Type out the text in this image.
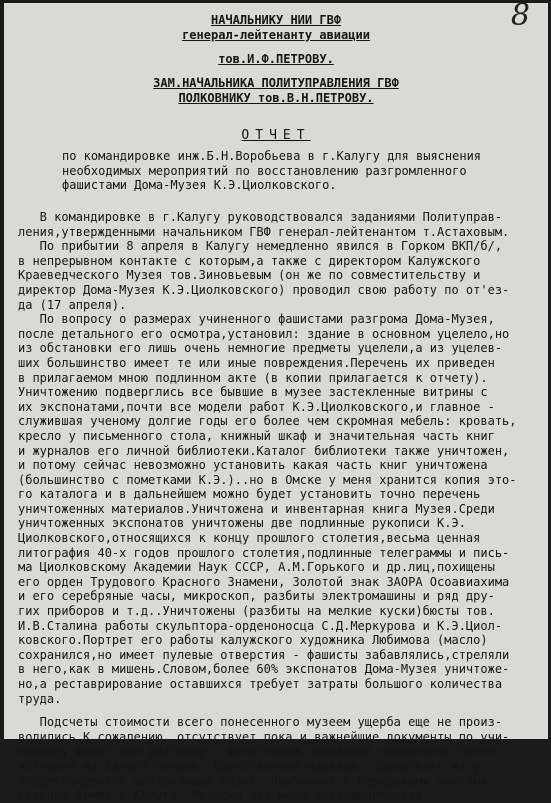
8
НАЧАЛЬНИКУ НИИ ГВФ
генерал-лейтенанту авиации
тов.И.Ф.ПЕТРОВУ.
ЗАМ.НАЧАЛЬНИКА ПОЛИТУПРАВЛЕНИЯ ГВФ
ПОЛКОВНИКУ тов.В.Н.ПЕТРОВУ.
ОТЧЕТ
по командировке инж.Б.Н.Воробьева в г.Калугу для выяснения
необходимых мероприятий по восстановлению разгромленного
фашистами Дома-Музея К.Э.Циолковского.
В командировке в г.Калугу руководствовался заданиями Политуправ-
ления,утвержденными начальником ГВФ генерал-лейтенантом т.Астаховым.
По прибытии 8 апреля в Калугу немедленно явился в Горком ВКП/б/,
в непрерывном контакте с которым,а также с директором Калужского
Краеведческого Музея тов.Зиновьевым (он же по совместительству и
директор Дома-Музея К.Э.Циолковского) проводил свою работу по от'ез-
да (17 апреля).
По вопросу о размерах учиненного фашистами разгрома Дома-Музея,
после детального его осмотра,установил: здание в основном уцелело,но
из обстановки его лишь очень немногие предметы уцелели,а из уцелев-
ших большинство имеет те или иные повреждения.Перечень их приведен
в прилагаемом мною подлинном акте (в копии прилагается к отчету).
Уничтожению подверглись все бывшие в музее застекленные витрины с
их экспонатами,почти все модели работ К.Э.Циолковского,и главное -
служившая ученому долгие годы его более чем скромная мебель: кровать,
кресло у письменного стола, книжный шкаф и значительная часть книг
и журналов его личной библиотеки.Каталог библиотеки также уничтожен,
и потому сейчас невозможно установить какая часть книг уничтожена
(большинство с пометками К.Э.)..но в Омске у меня хранится копия это-
го каталога и в дальнейшем можно будет установить точно перечень
уничтоженных материалов.Уничтожена и инвентарная книга Музея.Среди
уничтоженных экспонатов уничтожены две подлинные рукописи К.Э.
Циолковского,относящихся к концу прошлого столетия,весьма ценная
литография 40-х годов прошлого столетия,подлинные телеграммы и пись-
ма Циолковскому Академии Наук СССР, А.М.Горького и др.лиц,похищены
его орден Трудового Красного Знамени, Золотой знак ЗАОРА Осоавиахима
и его серебряные часы, микроскоп, разбиты электромашины и ряд дру-
гих приборов и т.д..Уничтожены (разбиты на мелкие куски)бюсты тов.
И.В.Сталина работы скульптора-орденоносца С.Д.Меркурова и К.Э.Циол-
ковского.Портрет его работы калужского художника Любимова (масло)
сохранился,но имеет пулевые отверстия - фашисты забавлялись,стреляли
в него,как в мишень.Словом,более 60% экспонатов Дома-Музея уничтоже-
но,а реставрирование оставшихся требует затраты большого количества
труда.
Подсчеты стоимости всего понесенного музеем ущерба еще не произ-
водились.К сожалению, отсутствует пока и важнейшие документы по учи-
ненному фашистами разгрому - фотоснимки,сделанные немедленно после
изгнания из Калуги немцев. Единственная надежда - разыскать их у
корреспондентов центральных газет, прибывших с передовыми частями
Красной Армии в Калугу. Розыски эти мною предпринимаются.
